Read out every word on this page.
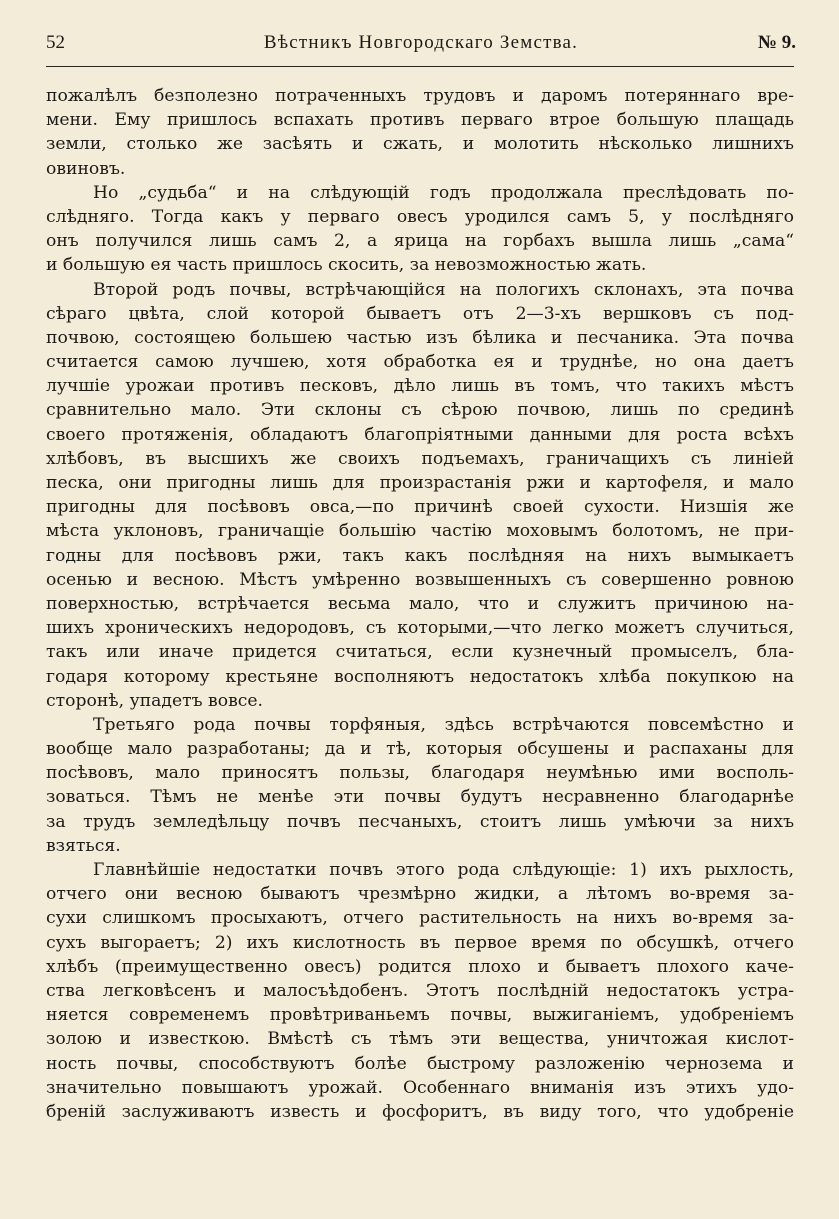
52	Вѣстникъ Новгородскаго Земства.	№ 9.
пожалѣлъ безполезно потраченныхъ трудовъ и даромъ потеряннаго вре-
мени. Ему пришлось вспахать противъ перваго втрое большую плащадь
земли, столько же засѣять и сжать, и молотить нѣсколько лишнихъ
овиновъ.
Но „судьба“ и на слѣдующій годъ продолжала преслѣдовать по-
слѣдняго. Тогда какъ у перваго овесъ уродился самъ 5, у послѣдняго
онъ получился лишь самъ 2, а ярица на горбахъ вышла лишь „сама“
и большую ея часть пришлось скосить, за невозможностью жать.
Второй родъ почвы, встрѣчающійся на пологихъ склонахъ, эта почва
сѣраго цвѣта, слой которой бываетъ отъ 2—3-хъ вершковъ съ под-
почвою, состоящею большею частью изъ бѣлика и песчаника. Эта почва
считается самою лучшею, хотя обработка ея и труднѣе, но она даетъ
лучшіе урожаи противъ песковъ, дѣло лишь въ томъ, что такихъ мѣстъ
сравнительно мало. Эти склоны съ сѣрою почвою, лишь по срединѣ
своего протяженія, обладаютъ благопріятными данными для роста всѣхъ
хлѣбовъ, въ высшихъ же своихъ подъемахъ, граничащихъ съ линіей
песка, они пригодны лишь для произрастанія ржи и картофеля, и мало
пригодны для посѣвовъ овса,—по причинѣ своей сухости. Низшія же
мѣста уклоновъ, граничащіе большію частію моховымъ болотомъ, не при-
годны для посѣвовъ ржи, такъ какъ послѣдняя на нихъ вымыкаетъ
осенью и весною. Мѣстъ умѣренно возвышенныхъ съ совершенно ровною
поверхностью, встрѣчается весьма мало, что и служитъ причиною на-
шихъ хроническихъ недородовъ, съ которыми,—что легко можетъ случиться,
такъ или иначе придется считаться, если кузнечный промыселъ, бла-
годаря которому крестьяне восполняютъ недостатокъ хлѣба покупкою на
сторонѣ, упадетъ вовсе.
Третьяго рода почвы торфяныя, здѣсь встрѣчаются повсемѣстно и
вообще мало разработаны; да и тѣ, которыя обсушены и распаханы для
посѣвовъ, мало приносятъ пользы, благодаря неумѣнью ими восполь-
зоваться. Тѣмъ не менѣе эти почвы будутъ несравненно благодарнѣе
за трудъ земледѣльцу почвъ песчаныхъ, стоитъ лишь умѣючи за нихъ
взяться.
Главнѣйшіе недостатки почвъ этого рода слѣдующіе: 1) ихъ рыхлость,
отчего они весною бываютъ чрезмѣрно жидки, а лѣтомъ во-время за-
сухи слишкомъ просыхаютъ, отчего растительность на нихъ во-время за-
сухъ выгораетъ; 2) ихъ кислотность въ первое время по обсушкѣ, отчего
хлѣбъ (преимущественно овесъ) родится плохо и бываетъ плохого каче-
ства легковѣсенъ и малосъѣдобенъ. Этотъ послѣдній недостатокъ устра-
няется современемъ провѣтриваньемъ почвы, выжиганіемъ, удобреніемъ
золою и известкою. Вмѣстѣ съ тѣмъ эти вещества, уничтожая кислот-
ность почвы, способствуютъ болѣе быстрому разложенію чернозема и
значительно повышаютъ урожай. Особеннаго вниманія изъ этихъ удо-
бреній заслуживаютъ известь и фосфоритъ, въ виду того, что удобреніе
